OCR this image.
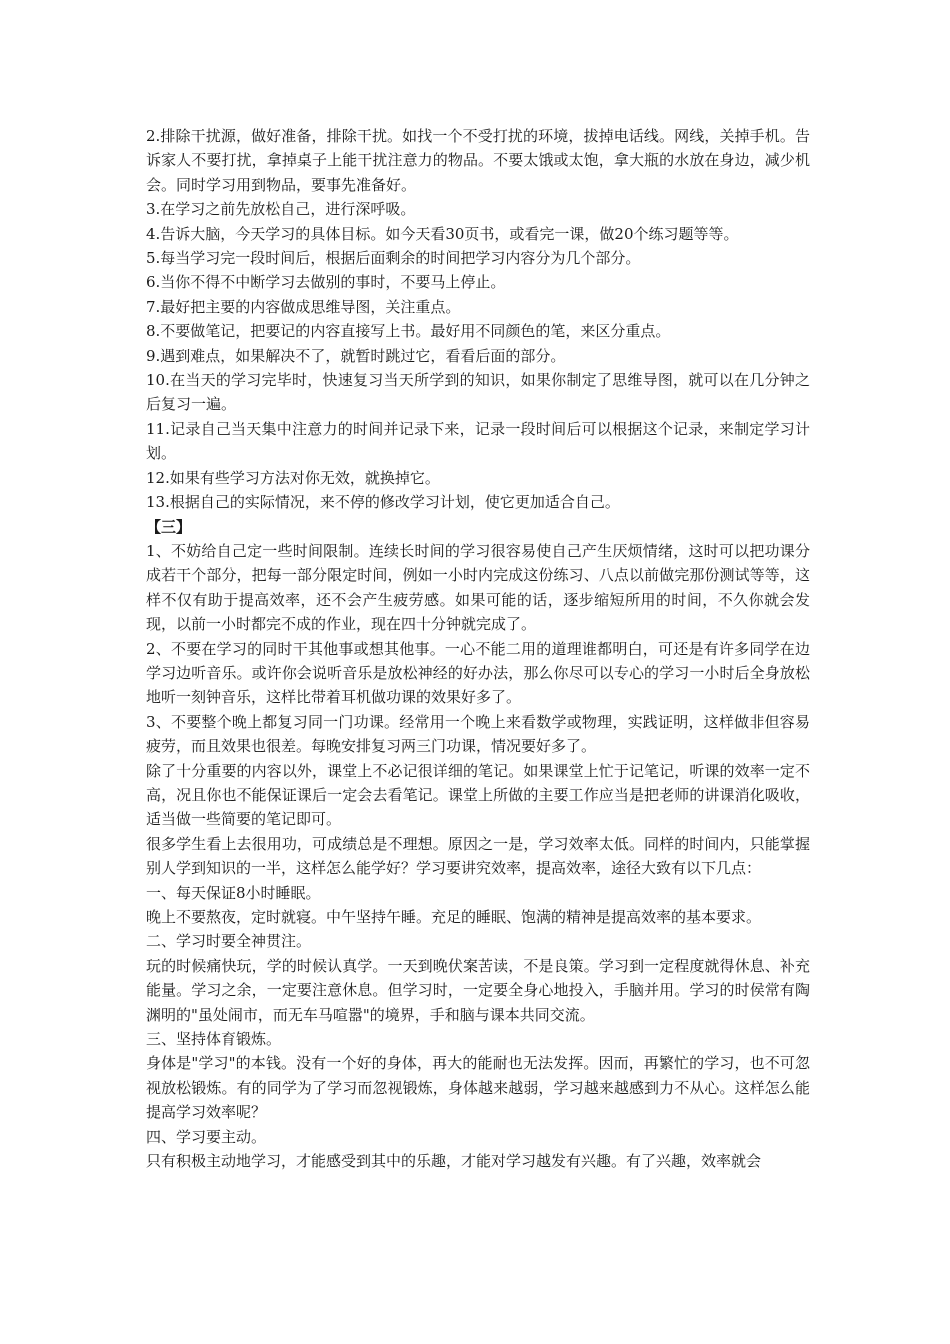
2.排除干扰源，做好准备，排除干扰。如找一个不受打扰的环境，拔掉电话线。网线，关掉手机。告诉家人不要打扰，拿掉桌子上能干扰注意力的物品。不要太饿或太饱，拿大瓶的水放在身边，减少机会。同时学习用到物品，要事先准备好。

3.在学习之前先放松自己，进行深呼吸。

4.告诉大脑，今天学习的具体目标。如今天看30页书，或看完一课，做20个练习题等等。

5.每当学习完一段时间后，根据后面剩余的时间把学习内容分为几个部分。

6.当你不得不中断学习去做别的事时，不要马上停止。

7.最好把主要的内容做成思维导图，关注重点。

8.不要做笔记，把要记的内容直接写上书。最好用不同颜色的笔，来区分重点。

9.遇到难点，如果解决不了，就暂时跳过它，看看后面的部分。

10.在当天的学习完毕时，快速复习当天所学到的知识，如果你制定了思维导图，就可以在几分钟之后复习一遍。

11.记录自己当天集中注意力的时间并记录下来，记录一段时间后可以根据这个记录，来制定学习计划。

12.如果有些学习方法对你无效，就换掉它。

13.根据自己的实际情况，来不停的修改学习计划，使它更加适合自己。

【三】

1、不妨给自己定一些时间限制。连续长时间的学习很容易使自己产生厌烦情绪，这时可以把功课分成若干个部分，把每一部分限定时间，例如一小时内完成这份练习、八点以前做完那份测试等等，这样不仅有助于提高效率，还不会产生疲劳感。如果可能的话，逐步缩短所用的时间，不久你就会发现，以前一小时都完不成的作业，现在四十分钟就完成了。

2、不要在学习的同时干其他事或想其他事。一心不能二用的道理谁都明白，可还是有许多同学在边学习边听音乐。或许你会说听音乐是放松神经的好办法，那么你尽可以专心的学习一小时后全身放松地听一刻钟音乐，这样比带着耳机做功课的效果好多了。

3、不要整个晚上都复习同一门功课。经常用一个晚上来看数学或物理，实践证明，这样做非但容易疲劳，而且效果也很差。每晚安排复习两三门功课，情况要好多了。

除了十分重要的内容以外，课堂上不必记很详细的笔记。如果课堂上忙于记笔记，听课的效率一定不高，况且你也不能保证课后一定会去看笔记。课堂上所做的主要工作应当是把老师的讲课消化吸收，适当做一些简要的笔记即可。

很多学生看上去很用功，可成绩总是不理想。原因之一是，学习效率太低。同样的时间内，只能掌握别人学到知识的一半，这样怎么能学好？学习要讲究效率，提高效率，途径大致有以下几点：

一、每天保证8小时睡眠。

晚上不要熬夜，定时就寝。中午坚持午睡。充足的睡眠、饱满的精神是提高效率的基本要求。

二、学习时要全神贯注。

玩的时候痛快玩，学的时候认真学。一天到晚伏案苦读，不是良策。学习到一定程度就得休息、补充能量。学习之余，一定要注意休息。但学习时，一定要全身心地投入，手脑并用。学习的时侯常有陶渊明的"虽处闹市，而无车马喧嚣"的境界，手和脑与课本共同交流。

三、坚持体育锻炼。

身体是"学习"的本钱。没有一个好的身体，再大的能耐也无法发挥。因而，再繁忙的学习，也不可忽视放松锻炼。有的同学为了学习而忽视锻炼，身体越来越弱，学习越来越感到力不从心。这样怎么能提高学习效率呢？

四、学习要主动。

只有积极主动地学习，才能感受到其中的乐趣，才能对学习越发有兴趣。有了兴趣，效率就会
